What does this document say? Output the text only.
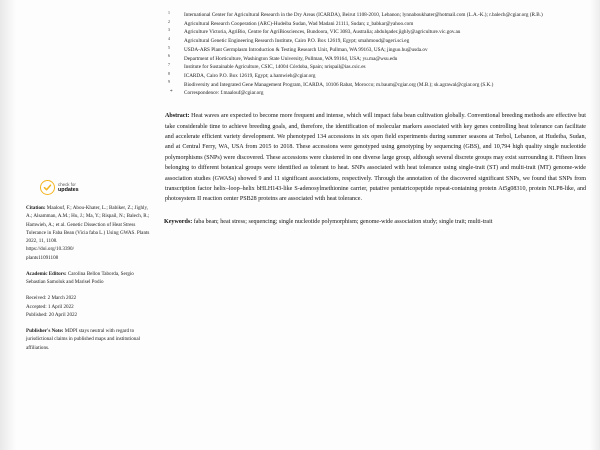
check for
updates
Citation: Maalouf, F.; Abou-Khater, L.; Babiker, Z.; Jighly, A.; Alsamman, A.M.; Hu, J.; Ma, Y.; Rispail, N.; Balech, R.; Hamwieh, A.; et al. Genetic Dissection of Heat Stress Tolerance in Faba Bean (Vicia faba L.) Using GWAS. Plants 2022, 11, 1108.
https://doi.org/10.3390/
plants11091108
Academic Editors: Carolina Bellon Taborda, Sergio Sebastian Samoluk and Marisel Podio
Received: 2 March 2022
Accepted: 1 April 2022
Published: 20 April 2022
Publisher's Note: MDPI stays neutral with regard to jurisdictional claims in published maps and institutional affiliations.
1	International Center for Agricultural Research in the Dry Areas (ICARDA), Beirut 1108-2010, Lebanon; lynnaboukhater@hotmail.com (L.A.-K.); r.balech@cgiar.org (R.B.)
2	Agricultural Research Cooperation (ARC)-Hudeiba Sudan, Wad Madani 21111, Sudan; z_babkar@yahoo.com
3	Agriculture Victoria, AgriBio, Centre for AgriBiosciences, Bundoora, VIC 3083, Australia; abdulqader.jighly@agriculture.vic.gov.au
4	Agricultural Genetic Engineering Research Institute, Cairo P.O. Box 12619, Egypt; smahmoud@ageri.sci.eg
5	USDA-ARS Plant Germplasm Introduction & Testing Research Unit, Pullman, WA 99163, USA; jinguo.hu@usda.ov
6	Department of Horticulture, Washington State University, Pullman, WA 99164, USA; yu.ma@wsu.edu
7	Institute for Sustainable Agriculture, CSIC, 14004 Córdoba, Spain; nrispail@ias.csic.es
8	ICARDA, Cairo P.O. Box 12619, Egypt; a.hamwieh@cgiar.org
9	Biodiversity and Integrated Gene Management Program, ICARDA, 10106 Rabat, Morocco; m.baum@cgiar.org (M.B.); sk.agrawal@cgiar.org (S.K.)
* Correspondence: f.maalouf@cgiar.org

Abstract: Heat waves are expected to become more frequent and intense, which will impact faba bean cultivation globally. Conventional breeding methods are effective but take considerable time to achieve breeding goals, and, therefore, the identification of molecular markers associated with key genes controlling heat tolerance can facilitate and accelerate efficient variety development. We phenotyped 134 accessions in six open field experiments during summer seasons at Terbol, Lebanon, at Hudeiba, Sudan, and at Central Ferry, WA, USA from 2015 to 2018. These accessions were genotyped using genotyping by sequencing (GBS), and 10,794 high quality single nucleotide polymorphisms (SNPs) were discovered. These accessions were clustered in one diverse large group, although several discrete groups may exist surrounding it. Fifteen lines belonging to different botanical groups were identified as tolerant to heat. SNPs associated with heat tolerance using single-trait (ST) and multi-trait (MT) genome-wide association studies (GWASs) showed 9 and 11 significant associations, respectively. Through the annotation of the discovered significant SNPs, we found that SNPs from transcription factor helix–loop–helix bHLH143-like S-adenosylmethionine carrier, putative pentatricopeptide repeat-containing protein At5g08310, protein NLP8-like, and photosystem II reaction center PSB28 proteins are associated with heat tolerance.

Keywords: faba bean; heat stress; sequencing; single nucleotide polymorphism; genome-wide association study; single trait; multi-trait
